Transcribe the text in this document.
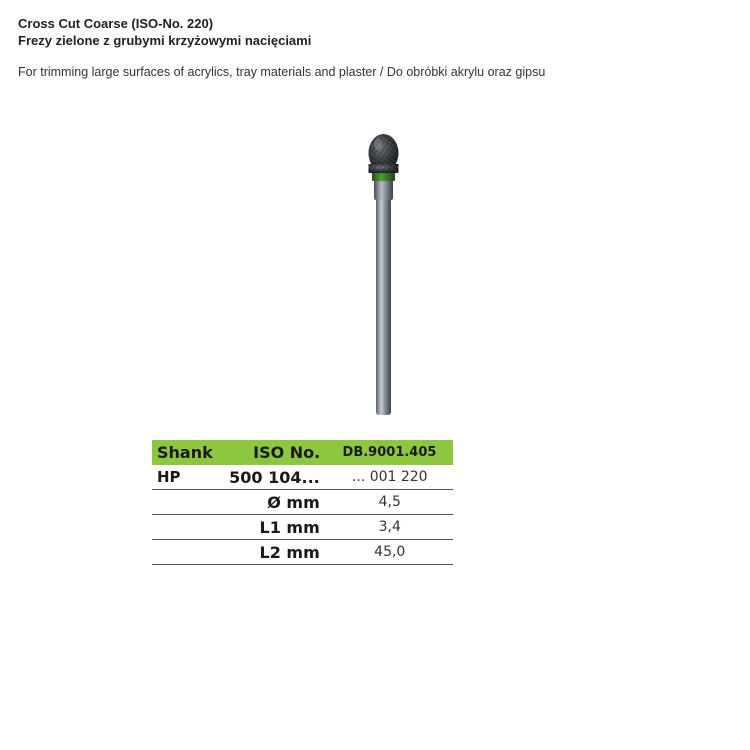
Cross Cut Coarse (ISO-No. 220)
Frezy zielone z grubymi krzyżowymi nacięciami
For trimming large surfaces of acrylics, tray materials and plaster / Do obróbki akrylu oraz gipsu
Shank	ISO No.	DB.9001.405
HP	500 104...	... 001 220
	Ø mm	4,5
	L1 mm	3,4
	L2 mm	45,0
